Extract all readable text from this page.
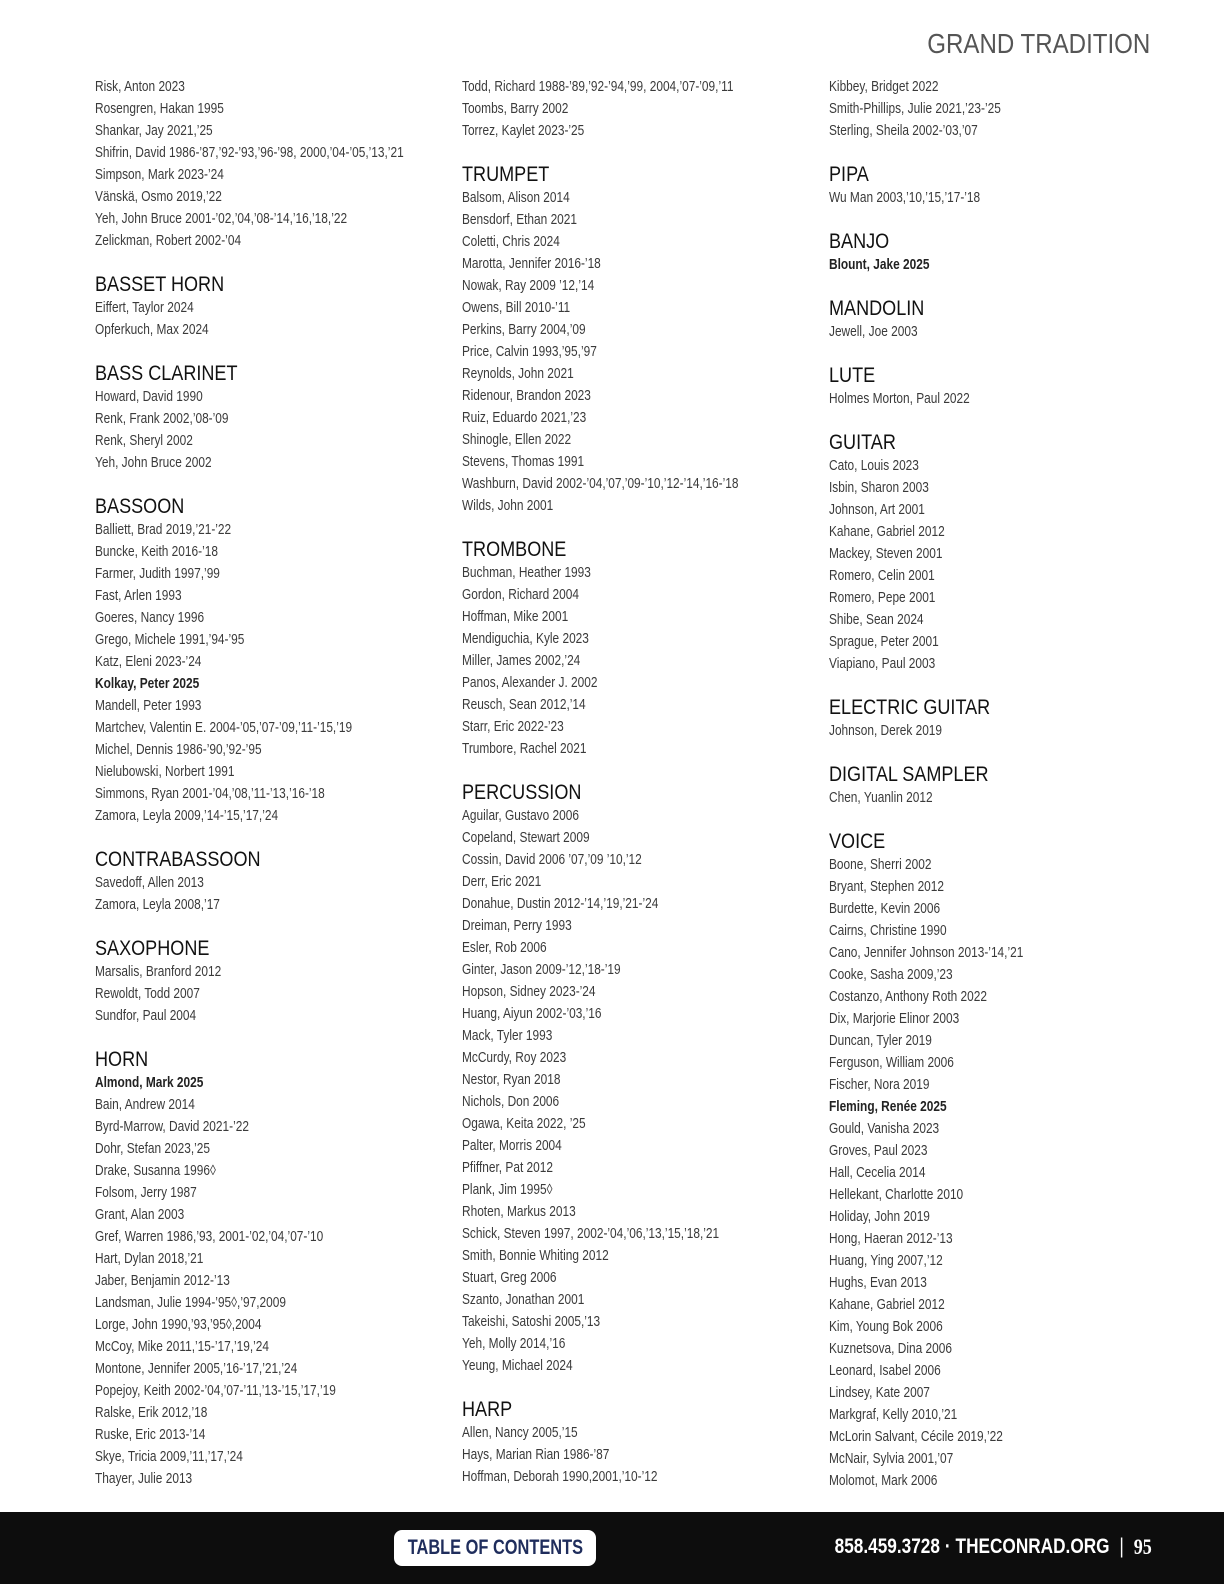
GRAND TRADITION
Risk, Anton 2023
Rosengren, Hakan 1995
Shankar, Jay 2021,’25
Shifrin, David 1986-’87,’92-’93,’96-’98, 2000,’04-’05,’13,’21
Simpson, Mark 2023-’24
Vänskä, Osmo 2019,’22
Yeh, John Bruce 2001-’02,’04,’08-’14,’16,’18,’22
Zelickman, Robert 2002-’04
BASSET HORN
Eiffert, Taylor 2024
Opferkuch, Max 2024
BASS CLARINET
Howard, David 1990
Renk, Frank 2002,’08-’09
Renk, Sheryl 2002
Yeh, John Bruce 2002
BASSOON
Balliett, Brad 2019,’21-’22
Buncke, Keith 2016-’18
Farmer, Judith 1997,’99
Fast, Arlen 1993
Goeres, Nancy 1996
Grego, Michele 1991,’94-’95
Katz, Eleni 2023-’24
Kolkay, Peter 2025
Mandell, Peter 1993
Martchev, Valentin E. 2004-’05,’07-’09,’11-’15,’19
Michel, Dennis 1986-’90,’92-’95
Nielubowski, Norbert 1991
Simmons, Ryan 2001-’04,’08,’11-’13,’16-’18
Zamora, Leyla 2009,’14-’15,’17,’24
CONTRABASSOON
Savedoff, Allen 2013
Zamora, Leyla 2008,’17
SAXOPHONE
Marsalis, Branford 2012
Rewoldt, Todd 2007
Sundfor, Paul 2004
HORN
Almond, Mark 2025
Bain, Andrew 2014
Byrd-Marrow, David 2021-’22
Dohr, Stefan 2023,’25
Drake, Susanna 1996◊
Folsom, Jerry 1987
Grant, Alan 2003
Gref, Warren 1986,’93, 2001-’02,’04,’07-’10
Hart, Dylan 2018,’21
Jaber, Benjamin 2012-’13
Landsman, Julie 1994-’95◊,’97,2009
Lorge, John 1990,’93,’95◊,2004
McCoy, Mike 2011,’15-’17,’19,’24
Montone, Jennifer 2005,’16-’17,’21,’24
Popejoy, Keith 2002-’04,’07-’11,’13-’15,’17,’19
Ralske, Erik 2012,’18
Ruske, Eric 2013-’14
Skye, Tricia 2009,’11,’17,’24
Thayer, Julie 2013
Todd, Richard 1988-’89,’92-’94,’99, 2004,’07-’09,’11
Toombs, Barry 2002
Torrez, Kaylet 2023-’25
TRUMPET
Balsom, Alison 2014
Bensdorf, Ethan 2021
Coletti, Chris 2024
Marotta, Jennifer 2016-’18
Nowak, Ray 2009 ’12,’14
Owens, Bill 2010-’11
Perkins, Barry 2004,’09
Price, Calvin 1993,’95,’97
Reynolds, John 2021
Ridenour, Brandon 2023
Ruiz, Eduardo 2021,’23
Shinogle, Ellen 2022
Stevens, Thomas 1991
Washburn, David 2002-’04,’07,’09-’10,’12-’14,’16-’18
Wilds, John 2001
TROMBONE
Buchman, Heather 1993
Gordon, Richard 2004
Hoffman, Mike 2001
Mendiguchia, Kyle 2023
Miller, James 2002,’24
Panos, Alexander J. 2002
Reusch, Sean 2012,’14
Starr, Eric 2022-’23
Trumbore, Rachel 2021
PERCUSSION
Aguilar, Gustavo 2006
Copeland, Stewart 2009
Cossin, David 2006 ’07,’09 ’10,’12
Derr, Eric 2021
Donahue, Dustin 2012-’14,’19,’21-’24
Dreiman, Perry 1993
Esler, Rob 2006
Ginter, Jason 2009-’12,’18-’19
Hopson, Sidney 2023-’24
Huang, Aiyun 2002-’03,’16
Mack, Tyler 1993
McCurdy, Roy 2023
Nestor, Ryan 2018
Nichols, Don 2006
Ogawa, Keita 2022, ’25
Palter, Morris 2004
Pfiffner, Pat 2012
Plank, Jim 1995◊
Rhoten, Markus 2013
Schick, Steven 1997, 2002-’04,’06,’13,’15,’18,’21
Smith, Bonnie Whiting 2012
Stuart, Greg 2006
Szanto, Jonathan 2001
Takeishi, Satoshi 2005,’13
Yeh, Molly 2014,’16
Yeung, Michael 2024
HARP
Allen, Nancy 2005,’15
Hays, Marian Rian 1986-’87
Hoffman, Deborah 1990,2001,’10-’12
Kibbey, Bridget 2022
Smith-Phillips, Julie 2021,’23-’25
Sterling, Sheila 2002-’03,’07
PIPA
Wu Man 2003,’10,’15,’17-’18
BANJO
Blount, Jake 2025
MANDOLIN
Jewell, Joe 2003
LUTE
Holmes Morton, Paul 2022
GUITAR
Cato, Louis 2023
Isbin, Sharon 2003
Johnson, Art 2001
Kahane, Gabriel 2012
Mackey, Steven 2001
Romero, Celin 2001
Romero, Pepe 2001
Shibe, Sean 2024
Sprague, Peter 2001
Viapiano, Paul 2003
ELECTRIC GUITAR
Johnson, Derek 2019
DIGITAL SAMPLER
Chen, Yuanlin 2012
VOICE
Boone, Sherri 2002
Bryant, Stephen 2012
Burdette, Kevin 2006
Cairns, Christine 1990
Cano, Jennifer Johnson 2013-’14,’21
Cooke, Sasha 2009,’23
Costanzo, Anthony Roth 2022
Dix, Marjorie Elinor 2003
Duncan, Tyler 2019
Ferguson, William 2006
Fischer, Nora 2019
Fleming, Renée 2025
Gould, Vanisha 2023
Groves, Paul 2023
Hall, Cecelia 2014
Hellekant, Charlotte 2010
Holiday, John 2019
Hong, Haeran 2012-’13
Huang, Ying 2007,’12
Hughs, Evan 2013
Kahane, Gabriel 2012
Kim, Young Bok 2006
Kuznetsova, Dina 2006
Leonard, Isabel 2006
Lindsey, Kate 2007
Markgraf, Kelly 2010,’21
McLorin Salvant, Cécile 2019,’22
McNair, Sylvia 2001,’07
Molomot, Mark 2006
TABLE OF CONTENTS	858.459.3728 · THECONRAD.ORG | 95
